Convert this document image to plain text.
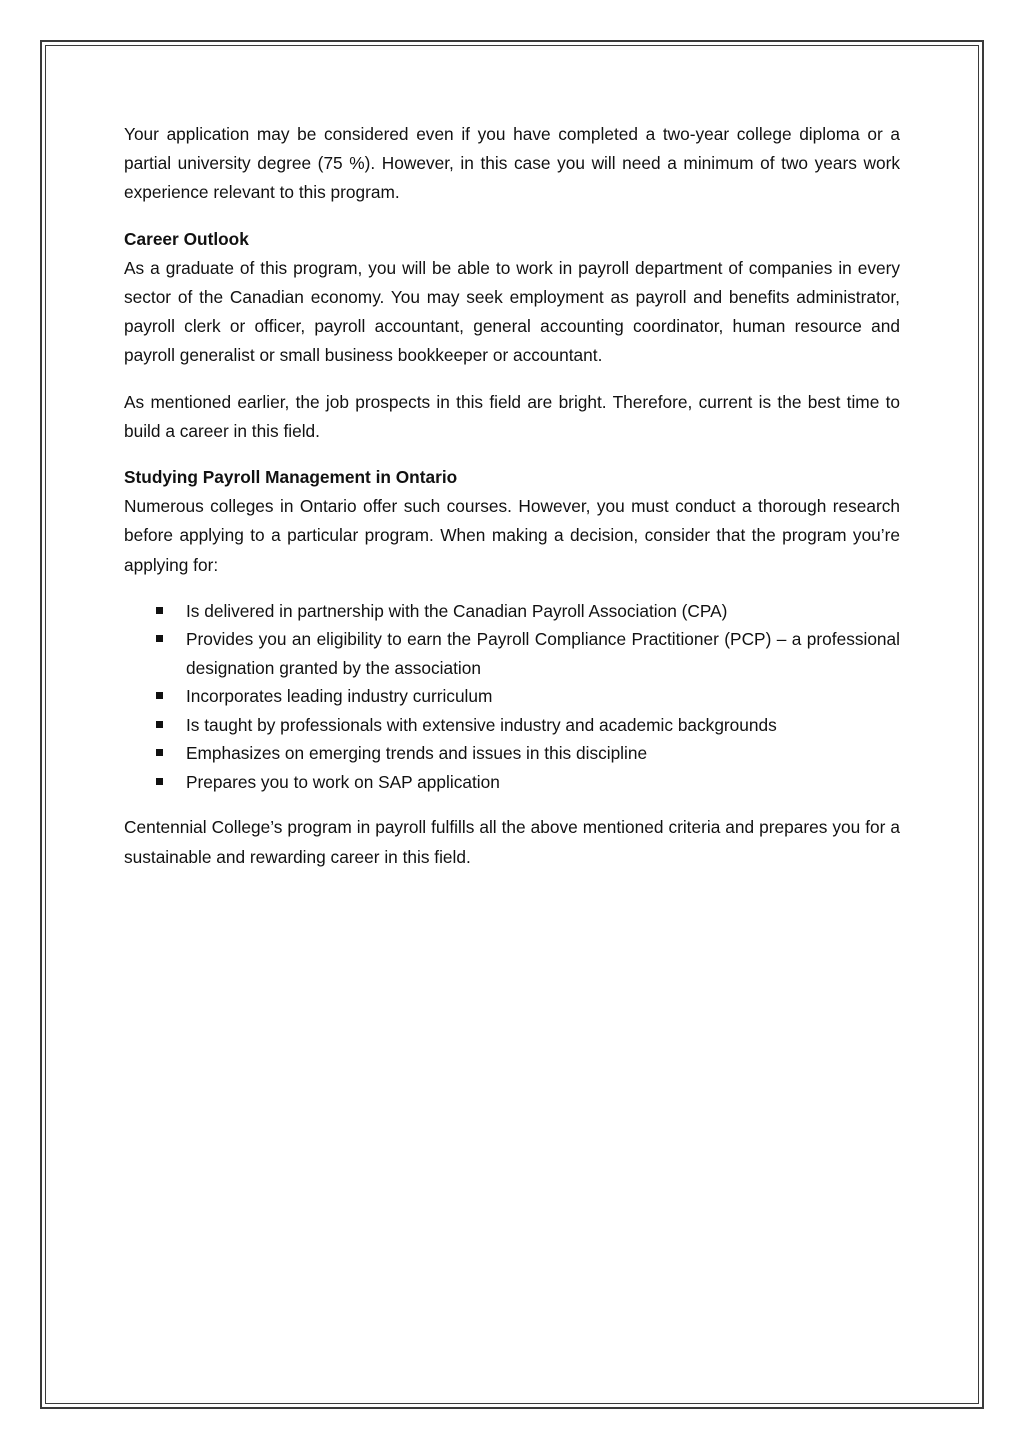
Your application may be considered even if you have completed a two-year college diploma or a partial university degree (75 %). However, in this case you will need a minimum of two years work experience relevant to this program.

Career Outlook

As a graduate of this program, you will be able to work in payroll department of companies in every sector of the Canadian economy. You may seek employment as payroll and benefits administrator, payroll clerk or officer, payroll accountant, general accounting coordinator, human resource and payroll generalist or small business bookkeeper or accountant.

As mentioned earlier, the job prospects in this field are bright. Therefore, current is the best time to build a career in this field.

Studying Payroll Management in Ontario

Numerous colleges in Ontario offer such courses. However, you must conduct a thorough research before applying to a particular program. When making a decision, consider that the program you’re applying for:

Is delivered in partnership with the Canadian Payroll Association (CPA)
Provides you an eligibility to earn the Payroll Compliance Practitioner (PCP) – a professional designation granted by the association
Incorporates leading industry curriculum
Is taught by professionals with extensive industry and academic backgrounds
Emphasizes on emerging trends and issues in this discipline
Prepares you to work on SAP application

Centennial College’s program in payroll fulfills all the above mentioned criteria and prepares you for a sustainable and rewarding career in this field.
